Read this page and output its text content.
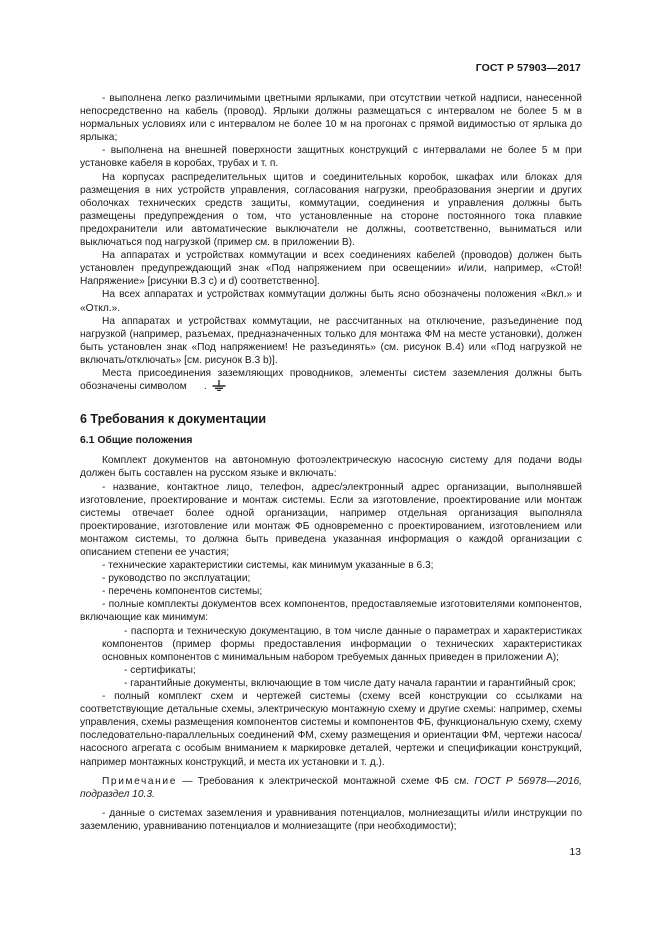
ГОСТ Р 57903—2017

- выполнена легко различимыми цветными ярлыками, при отсутствии четкой надписи, нанесенной непосредственно на кабель (провод). Ярлыки должны размещаться с интервалом не более 5 м в нормальных условиях или с интервалом не более 10 м на прогонах с прямой видимостью от ярлыка до ярлыка;

- выполнена на внешней поверхности защитных конструкций с интервалами не более 5 м при установке кабеля в коробах, трубах и т. п.

На корпусах распределительных щитов и соединительных коробок, шкафах или блоках для размещения в них устройств управления, согласования нагрузки, преобразования энергии и других оболочках технических средств защиты, коммутации, соединения и управления должны быть размещены предупреждения о том, что установленные на стороне постоянного тока плавкие предохранители или автоматические выключатели не должны, соответственно, выниматься или выключаться под нагрузкой (пример см. в приложении В).

На аппаратах и устройствах коммутации и всех соединениях кабелей (проводов) должен быть установлен предупреждающий знак «Под напряжением при освещении» и/или, например, «Стой! Напряжение» [рисунки В.3 c) и d) соответственно].

На всех аппаратах и устройствах коммутации должны быть ясно обозначены положения «Вкл.» и «Откл.».

На аппаратах и устройствах коммутации, не рассчитанных на отключение, разъединение под нагрузкой (например, разъемах, предназначенных только для монтажа ФМ на месте установки), должен быть установлен знак «Под напряжением! Не разъединять» (см. рисунок В.4) или «Под нагрузкой не включать/отключать» [см. рисунок В.3 b)].

Места присоединения заземляющих проводников, элементы систем заземления должны быть обозначены символом .

6 Требования к документации
6.1 Общие положения

Комплект документов на автономную фотоэлектрическую насосную систему для подачи воды должен быть составлен на русском языке и включать:

- название, контактное лицо, телефон, адрес/электронный адрес организации, выполнявшей изготовление, проектирование и монтаж системы. Если за изготовление, проектирование или монтаж системы отвечает более одной организации, например отдельная организация выполняла проектирование, изготовление или монтаж ФБ одновременно с проектированием, изготовлением или монтажом системы, то должна быть приведена указанная информация о каждой организации с описанием степени ее участия;

- технические характеристики системы, как минимум указанные в 6.3;

- руководство по эксплуатации;

- перечень компонентов системы;

- полные комплекты документов всех компонентов, предоставляемые изготовителями компонентов, включающие как минимум:

- паспорта и техническую документацию, в том числе данные о параметрах и характеристиках компонентов (пример формы предоставления информации о технических характеристиках основных компонентов с минимальным набором требуемых данных приведен в приложении А);

- сертификаты;

- гарантийные документы, включающие в том числе дату начала гарантии и гарантийный срок;

- полный комплект схем и чертежей системы (схему всей конструкции со ссылками на соответствующие детальные схемы, электрическую монтажную схему и другие схемы: например, схемы управления, схемы размещения компонентов системы и компонентов ФБ, функциональную схему, схему последовательно-параллельных соединений ФМ, схему размещения и ориентации ФМ, чертежи насоса/насосного агрегата с особым вниманием к маркировке деталей, чертежи и спецификации конструкций, например монтажных конструкций, и места их установки и т. д.).

Примечание — Требования к электрической монтажной схеме ФБ см. ГОСТ Р 56978—2016, подраздел 10.3.

- данные о системах заземления и уравнивания потенциалов, молниезащиты и/или инструкции по заземлению, уравниванию потенциалов и молниезащите (при необходимости);

13
